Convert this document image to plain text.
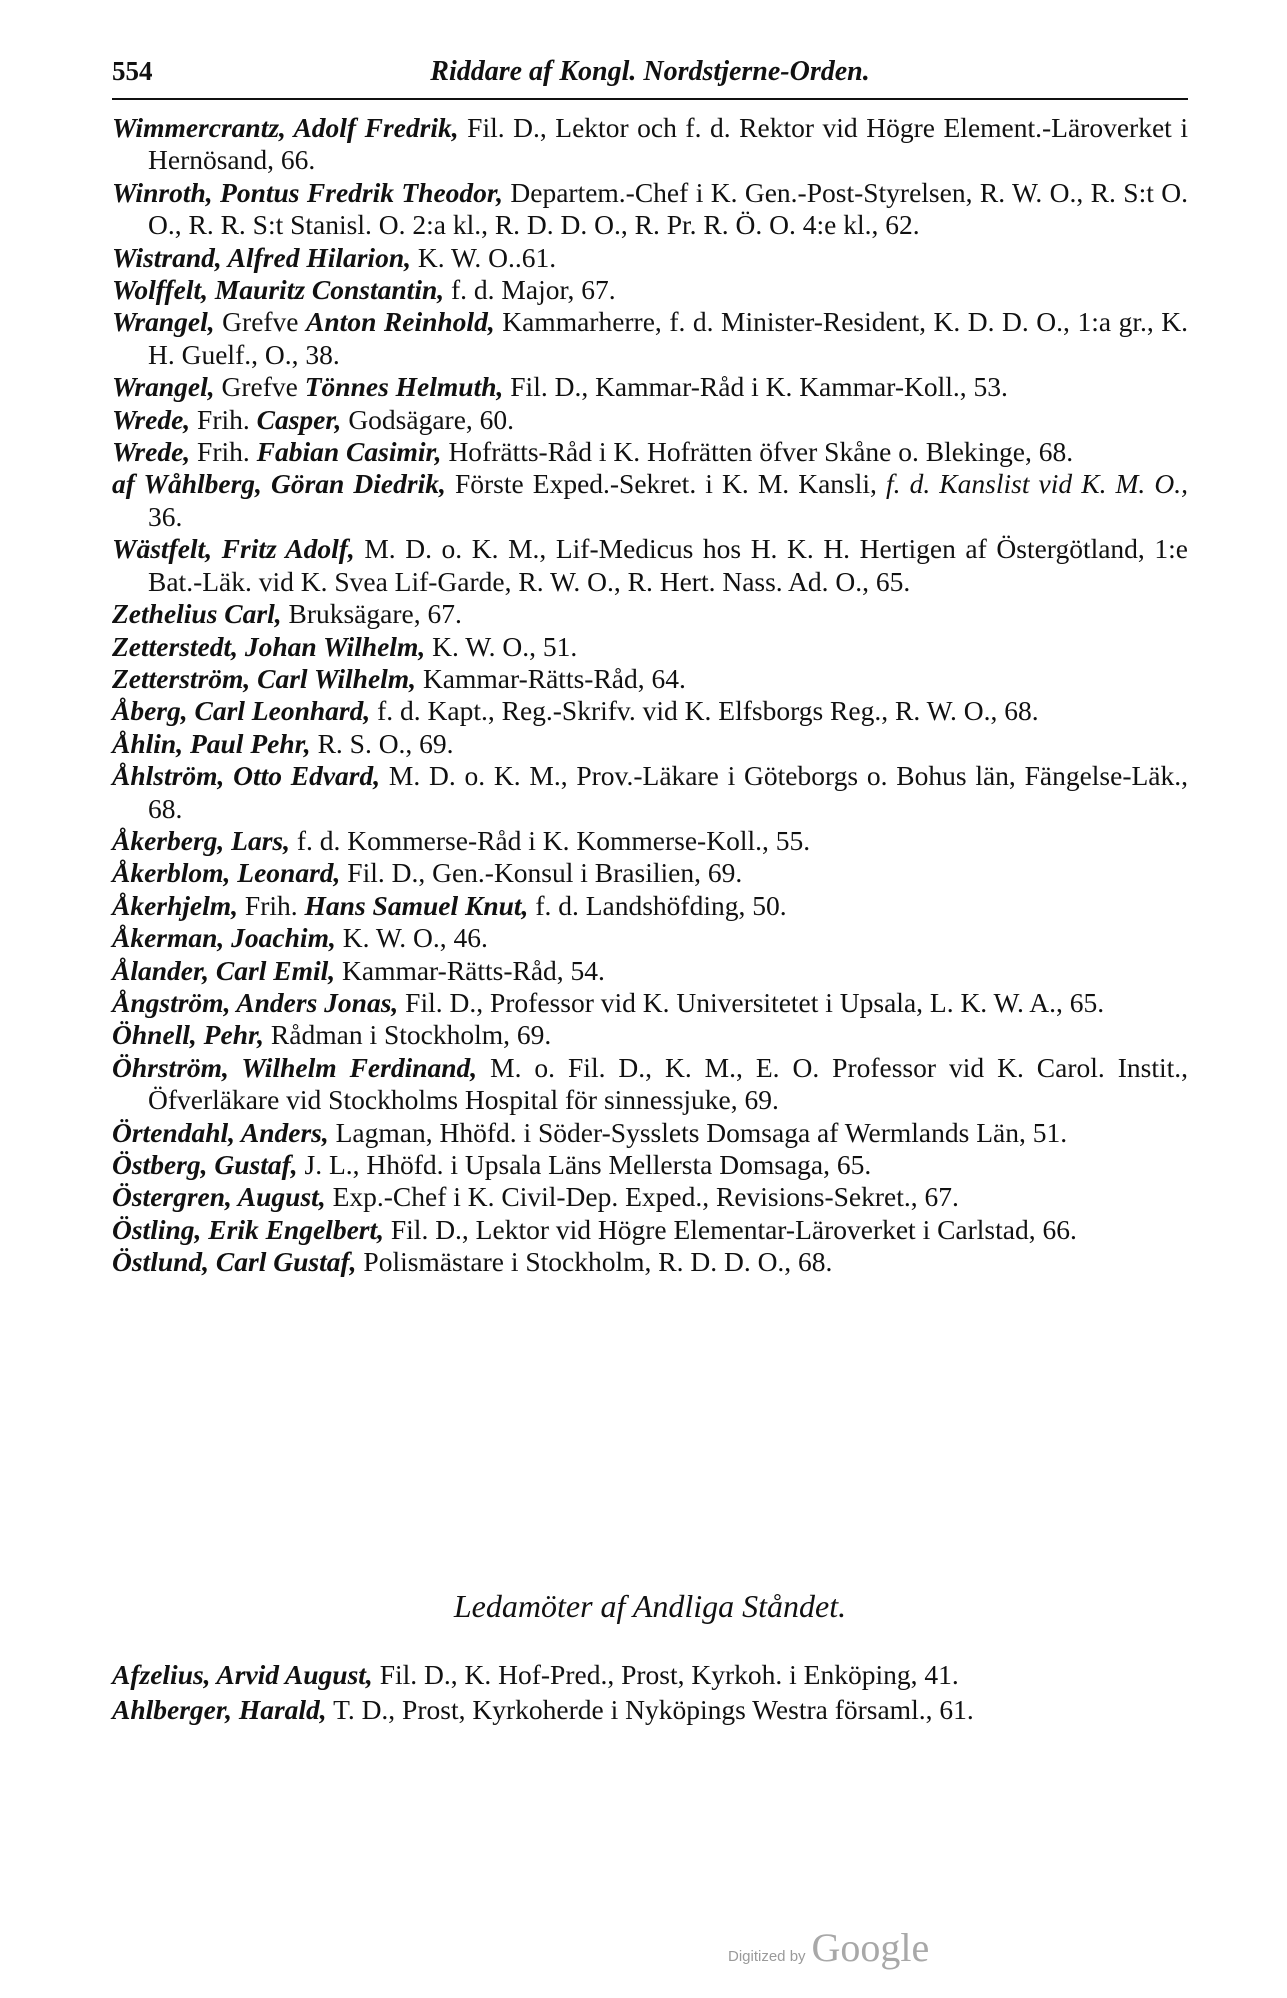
554	Riddare af Kongl. Nordstjerne-Orden.
Wimmercrantz, Adolf Fredrik, Fil. D., Lektor och f. d. Rektor vid Högre Element.-Läroverket i Hernösand, 66.
Winroth, Pontus Fredrik Theodor, Departem.-Chef i K. Gen.-Post-Styrelsen, R. W. O., R. S:t O. O., R. R. S:t Stanisl. O. 2:a kl., R. D. D. O., R. Pr. R. Ö. O. 4:e kl., 62.
Wistrand, Alfred Hilarion, K. W. O..61.
Wolffelt, Mauritz Constantin, f. d. Major, 67.
Wrangel, Grefve Anton Reinhold, Kammarherre, f. d. Minister-Resident, K. D. D. O., 1:a gr., K. H. Guelf., O., 38.
Wrangel, Grefve Tönnes Helmuth, Fil. D., Kammar-Råd i K. Kammar-Koll., 53.
Wrede, Frih. Casper, Godsägare, 60.
Wrede, Frih. Fabian Casimir, Hofrätts-Råd i K. Hofrätten öfver Skåne o. Blekinge, 68.
af Wåhlberg, Göran Diedrik, Förste Exped.-Sekret. i K. M. Kansli, f. d. Kanslist vid K. M. O., 36.
Wästfelt, Fritz Adolf, M. D. o. K. M., Lif-Medicus hos H. K. H. Hertigen af Östergötland, 1:e Bat.-Läk. vid K. Svea Lif-Garde, R. W. O., R. Hert. Nass. Ad. O., 65.
Zethelius Carl, Bruksägare, 67.
Zetterstedt, Johan Wilhelm, K. W. O., 51.
Zetterström, Carl Wilhelm, Kammar-Rätts-Råd, 64.
Åberg, Carl Leonhard, f. d. Kapt., Reg.-Skrifv. vid K. Elfsborgs Reg., R. W. O., 68.
Åhlin, Paul Pehr, R. S. O., 69.
Åhlström, Otto Edvard, M. D. o. K. M., Prov.-Läkare i Göteborgs o. Bohus län, Fängelse-Läk., 68.
Åkerberg, Lars, f. d. Kommerse-Råd i K. Kommerse-Koll., 55.
Åkerblom, Leonard, Fil. D., Gen.-Konsul i Brasilien, 69.
Åkerhjelm, Frih. Hans Samuel Knut, f. d. Landshöfding, 50.
Åkerman, Joachim, K. W. O., 46.
Ålander, Carl Emil, Kammar-Rätts-Råd, 54.
Ångström, Anders Jonas, Fil. D., Professor vid K. Universitetet i Upsala, L. K. W. A., 65.
Öhnell, Pehr, Rådman i Stockholm, 69.
Öhrström, Wilhelm Ferdinand, M. o. Fil. D., K. M., E. O. Professor vid K. Carol. Instit., Öfverläkare vid Stockholms Hospital för sinnessjuke, 69.
Örtendahl, Anders, Lagman, Hhöfd. i Söder-Sysslets Domsaga af Wermlands Län, 51.
Östberg, Gustaf, J. L., Hhöfd. i Upsala Läns Mellersta Domsaga, 65.
Östergren, August, Exp.-Chef i K. Civil-Dep. Exped., Revisions-Sekret., 67.
Östling, Erik Engelbert, Fil. D., Lektor vid Högre Elementar-Läroverket i Carlstad, 66.
Östlund, Carl Gustaf, Polismästare i Stockholm, R. D. D. O., 68.
Ledamöter af Andliga Ståndet.
Afzelius, Arvid August, Fil. D., K. Hof-Pred., Prost, Kyrkoh. i Enköping, 41.
Ahlberger, Harald, T. D., Prost, Kyrkoherde i Nyköpings Westra församl., 61.
Digitized by Google
